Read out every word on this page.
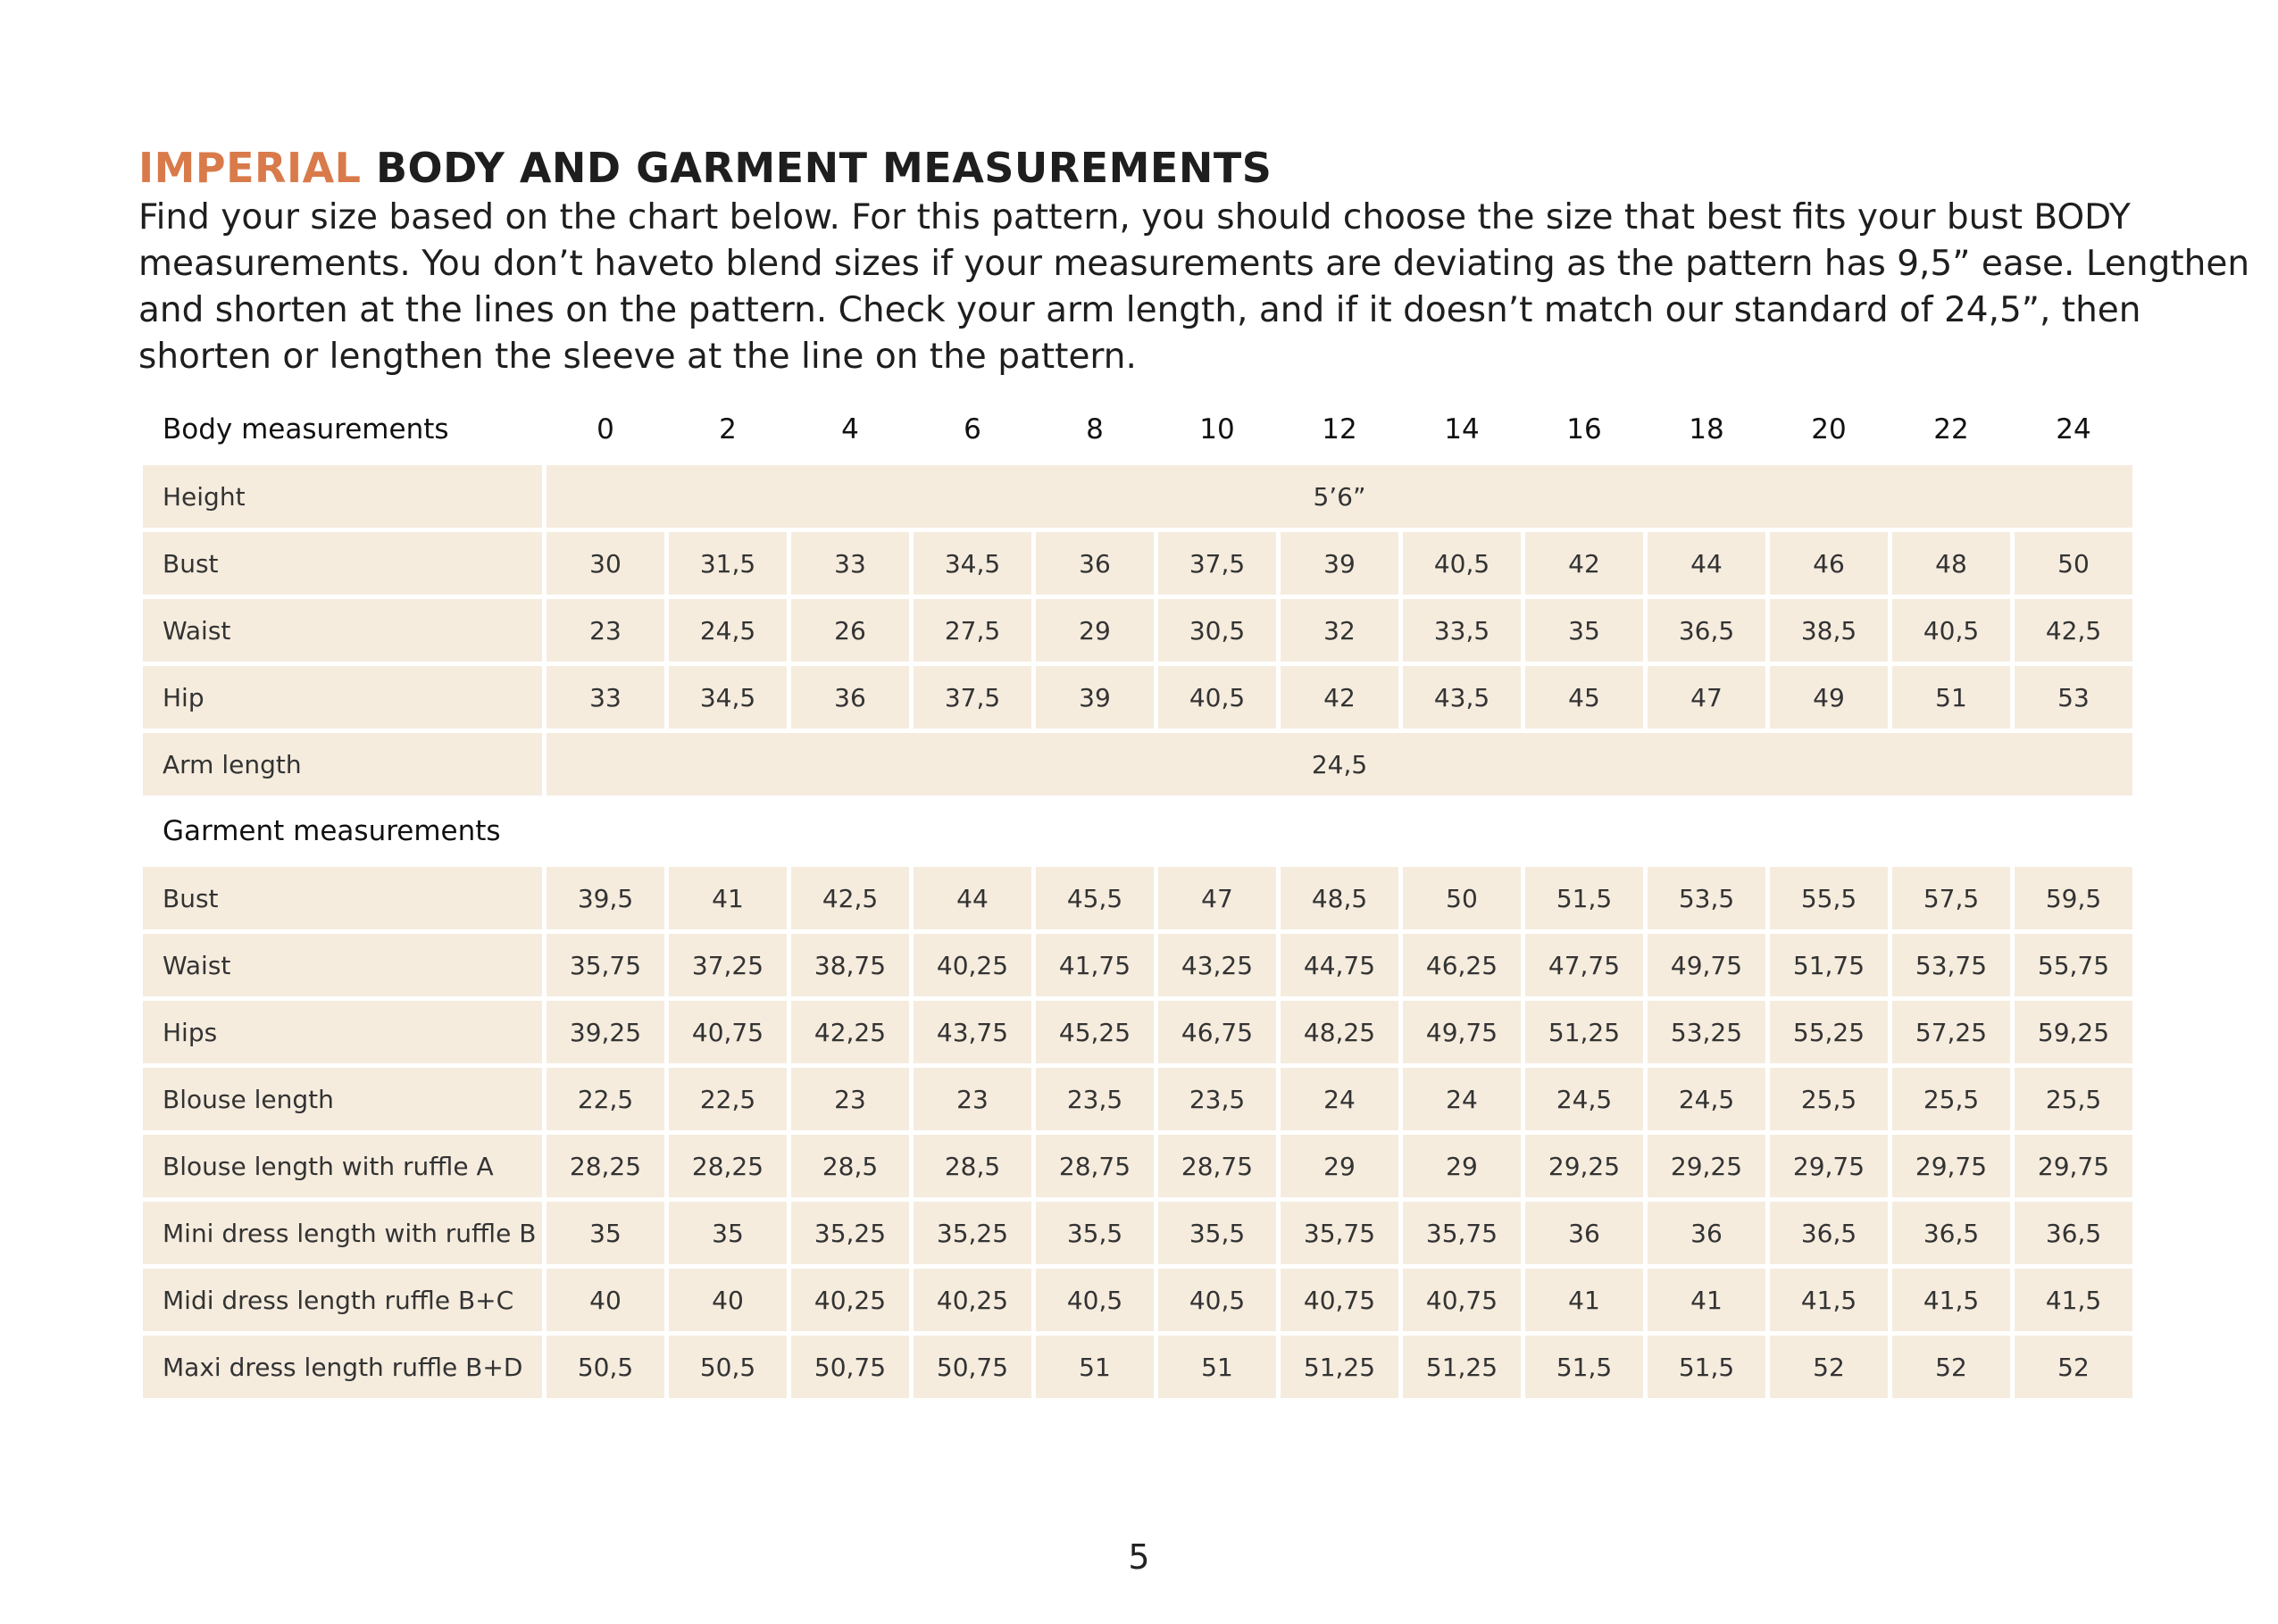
IMPERIAL BODY AND GARMENT MEASUREMENTS

Find your size based on the chart below. For this pattern, you should choose the size that best fits your bust BODY
measurements. You don’t haveto blend sizes if your measurements are deviating as the pattern has 9,5” ease. Lengthen
and shorten at the lines on the pattern. Check your arm length, and if it doesn’t match our standard of 24,5”, then
shorten or lengthen the sleeve at the line on the pattern.

Body measurements	0	2	4	6	8	10	12	14	16	18	20	22	24
Height	5’6”												
Bust	30	31,5	33	34,5	36	37,5	39	40,5	42	44	46	48	50
Waist	23	24,5	26	27,5	29	30,5	32	33,5	35	36,5	38,5	40,5	42,5
Hip	33	34,5	36	37,5	39	40,5	42	43,5	45	47	49	51	53
Arm length	24,5												
Garment measurements													
Bust	39,5	41	42,5	44	45,5	47	48,5	50	51,5	53,5	55,5	57,5	59,5
Waist	35,75	37,25	38,75	40,25	41,75	43,25	44,75	46,25	47,75	49,75	51,75	53,75	55,75
Hips	39,25	40,75	42,25	43,75	45,25	46,75	48,25	49,75	51,25	53,25	55,25	57,25	59,25
Blouse length	22,5	22,5	23	23	23,5	23,5	24	24	24,5	24,5	25,5	25,5	25,5
Blouse length with ruffle A	28,25	28,25	28,5	28,5	28,75	28,75	29	29	29,25	29,25	29,75	29,75	29,75
Mini dress length with ruffle B	35	35	35,25	35,25	35,5	35,5	35,75	35,75	36	36	36,5	36,5	36,5
Midi dress length ruffle B+C	40	40	40,25	40,25	40,5	40,5	40,75	40,75	41	41	41,5	41,5	41,5
Maxi dress length ruffle B+D	50,5	50,5	50,75	50,75	51	51	51,25	51,25	51,5	51,5	52	52	52
5
